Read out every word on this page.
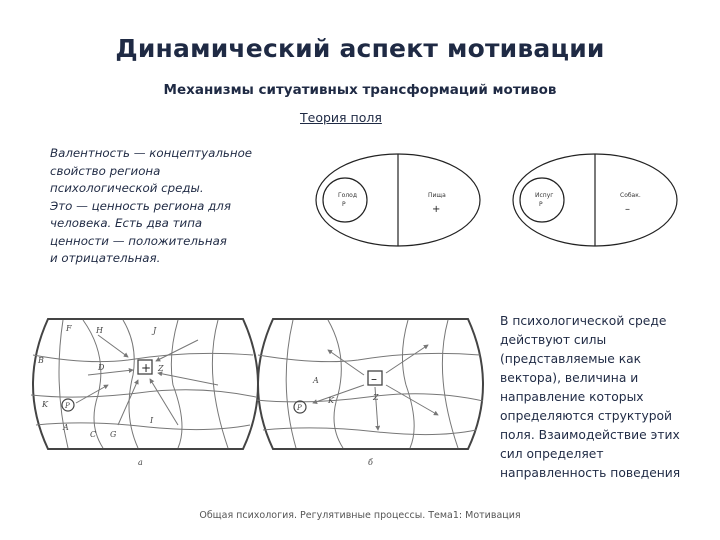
Динамический аспект мотивации
Механизмы ситуативных трансформаций мотивов
Теория поля
Валентность — концептуальное
свойство региона
психологической среды.
Это — ценность региона для
человека. Есть два типа
ценности — положительная
и отрицательная.
Голод
Р
Пища
+
Испуг
Р
Собак.
–
+
F	H	J
B
D	Z
P
K
A
C G
I
а
–
A
P
K	Z
б
В психологической среде
действуют силы
(представляемые как
вектора), величина и
направление которых
определяются структурой
поля. Взаимодействие этих
сил определяет
направленность поведения
Общая психология. Регулятивные процессы. Тема1: Мотивация
